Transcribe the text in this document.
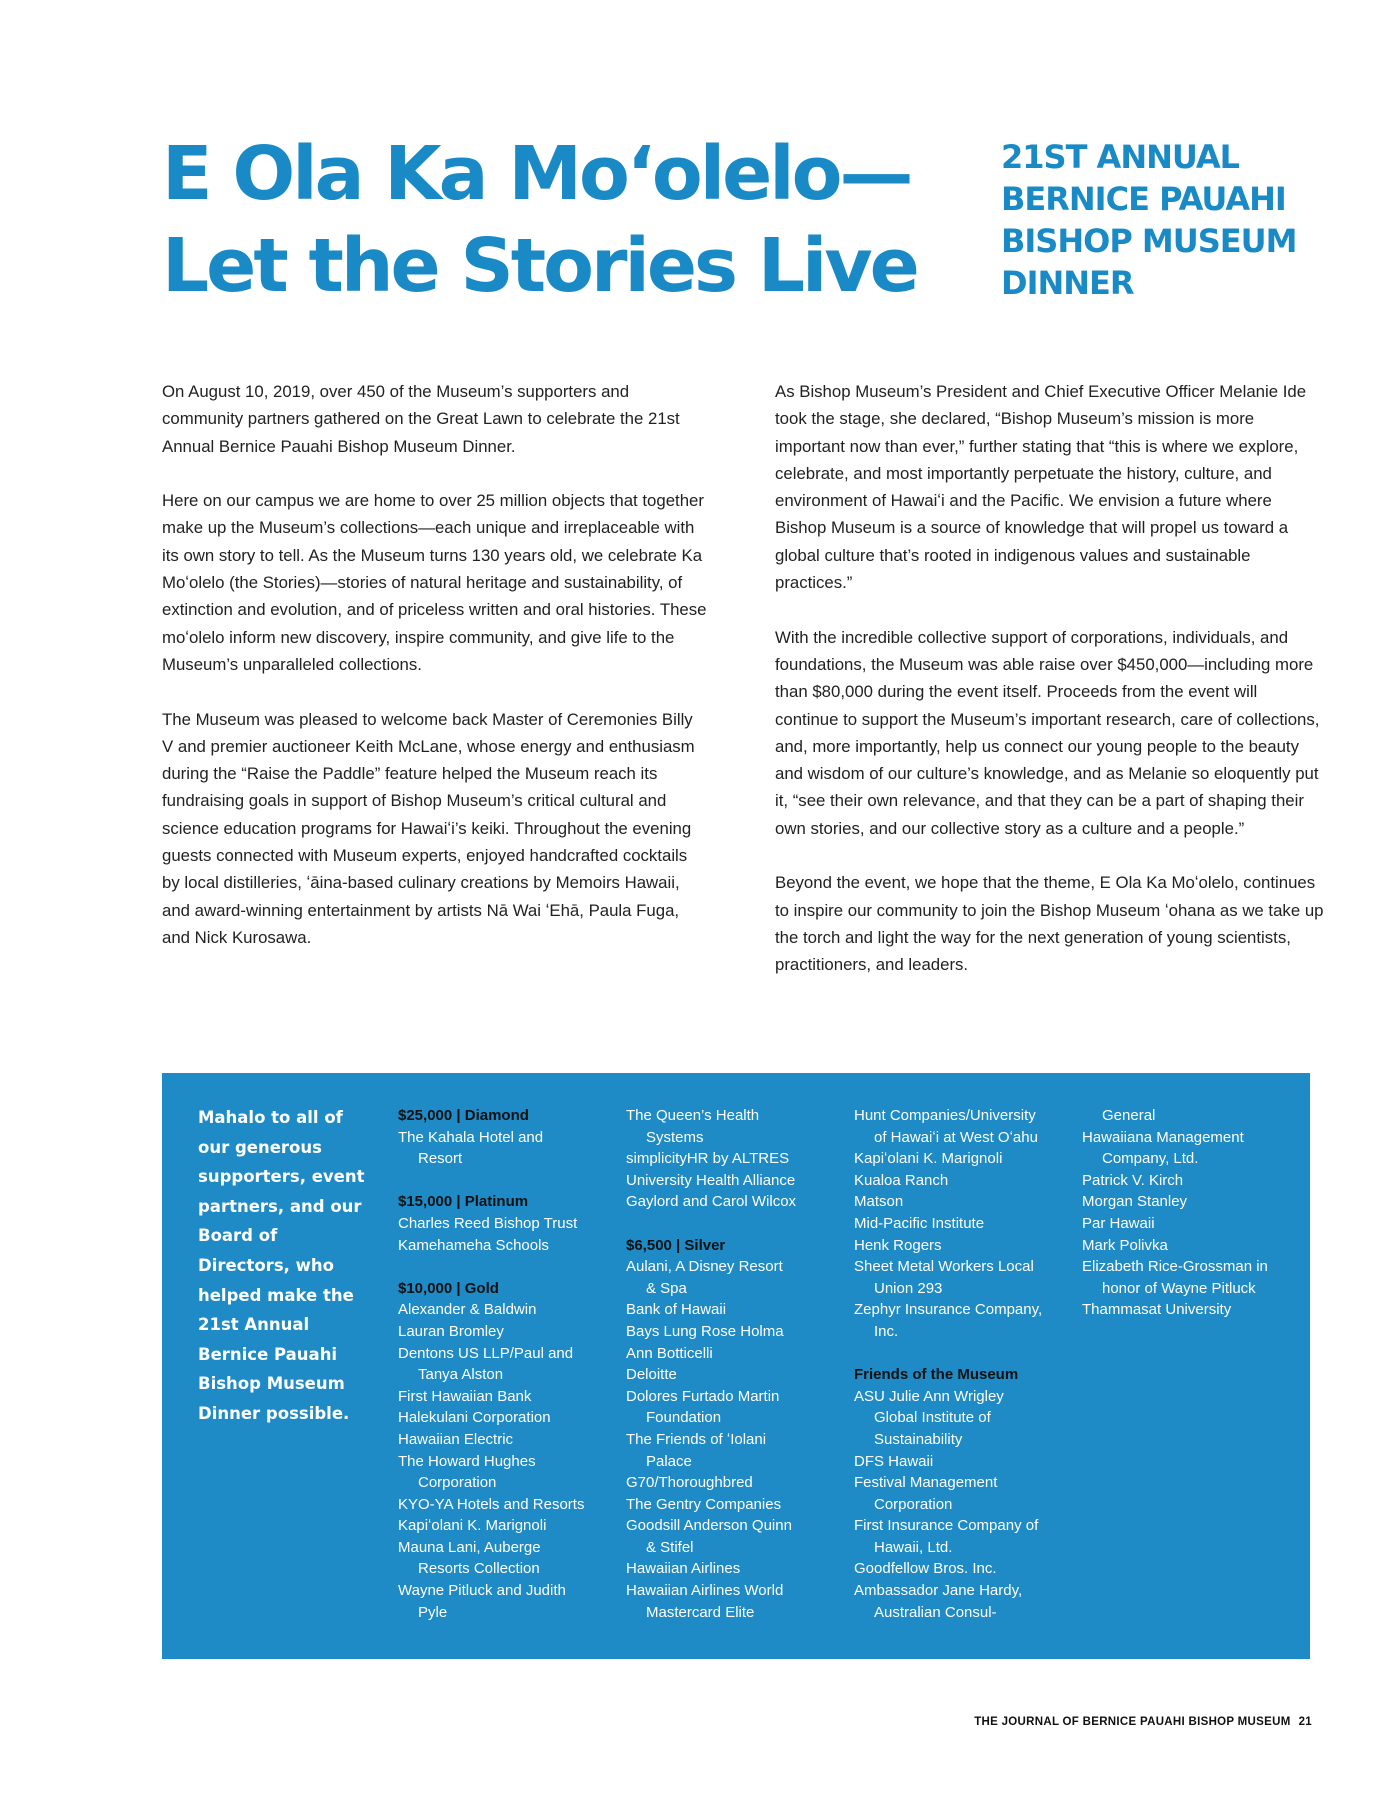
E Ola Ka Moʻolelo—
Let the Stories Live
21ST ANNUAL
BERNICE PAUAHI
BISHOP MUSEUM
DINNER

On August 10, 2019, over 450 of the Museum’s supporters and community partners gathered on the Great Lawn to celebrate the 21st Annual Bernice Pauahi Bishop Museum Dinner.

Here on our campus we are home to over 25 million objects that together make up the Museum’s collections—each unique and irreplaceable with its own story to tell. As the Museum turns 130 years old, we celebrate Ka Moʻolelo (the Stories)—stories of natural heritage and sustainability, of extinction and evolution, and of priceless written and oral histories. These moʻolelo inform new discovery, inspire community, and give life to the Museum’s unparalleled collections.

The Museum was pleased to welcome back Master of Ceremonies Billy V and premier auctioneer Keith McLane, whose energy and enthusiasm during the “Raise the Paddle” feature helped the Museum reach its fundraising goals in support of Bishop Museum’s critical cultural and science education programs for Hawaiʻi’s keiki. Throughout the evening guests connected with Museum experts, enjoyed handcrafted cocktails by local distilleries, ʻāina-based culinary creations by Memoirs Hawaii, and award-winning entertainment by artists Nā Wai ʻEhā, Paula Fuga, and Nick Kurosawa.

As Bishop Museum’s President and Chief Executive Officer Melanie Ide took the stage, she declared, “Bishop Museum’s mission is more important now than ever,” further stating that “this is where we explore, celebrate, and most importantly perpetuate the history, culture, and environment of Hawaiʻi and the Pacific. We envision a future where Bishop Museum is a source of knowledge that will propel us toward a global culture that’s rooted in indigenous values and sustainable practices.”

With the incredible collective support of corporations, individuals, and foundations, the Museum was able raise over $450,000—including more than $80,000 during the event itself. Proceeds from the event will continue to support the Museum’s important research, care of collections, and, more importantly, help us connect our young people to the beauty and wisdom of our culture’s knowledge, and as Melanie so eloquently put it, “see their own relevance, and that they can be a part of shaping their own stories, and our collective story as a culture and a people.”

Beyond the event, we hope that the theme, E Ola Ka Moʻolelo, continues to inspire our community to join the Bishop Museum ʻohana as we take up the torch and light the way for the next generation of young scientists, practitioners, and leaders.

Mahalo to all of our generous supporters, event partners, and our Board of Directors, who helped make the 21st Annual Bernice Pauahi Bishop Museum Dinner possible.
$25,000 | Diamond
The Kahala Hotel and
Resort
$15,000 | Platinum
Charles Reed Bishop Trust
Kamehameha Schools
$10,000 | Gold
Alexander & Baldwin
Lauran Bromley
Dentons US LLP/Paul and
Tanya Alston
First Hawaiian Bank
Halekulani Corporation
Hawaiian Electric
The Howard Hughes
Corporation
KYO-YA Hotels and Resorts
Kapiʻolani K. Marignoli
Mauna Lani, Auberge
Resorts Collection
Wayne Pitluck and Judith
Pyle
The Queen’s Health
Systems
simplicityHR by ALTRES
University Health Alliance
Gaylord and Carol Wilcox
$6,500 | Silver
Aulani, A Disney Resort
& Spa
Bank of Hawaii
Bays Lung Rose Holma
Ann Botticelli
Deloitte
Dolores Furtado Martin
Foundation
The Friends of ʻIolani
Palace
G70/Thoroughbred
The Gentry Companies
Goodsill Anderson Quinn
& Stifel
Hawaiian Airlines
Hawaiian Airlines World
Mastercard Elite
Hunt Companies/University
of Hawaiʻi at West Oʻahu
Kapiʻolani K. Marignoli
Kualoa Ranch
Matson
Mid-Pacific Institute
Henk Rogers
Sheet Metal Workers Local
Union 293
Zephyr Insurance Company,
Inc.
Friends of the Museum
ASU Julie Ann Wrigley
Global Institute of
Sustainability
DFS Hawaii
Festival Management
Corporation
First Insurance Company of
Hawaii, Ltd.
Goodfellow Bros. Inc.
Ambassador Jane Hardy,
Australian Consul-
General
Hawaiiana Management
Company, Ltd.
Patrick V. Kirch
Morgan Stanley
Par Hawaii
Mark Polivka
Elizabeth Rice-Grossman in
honor of Wayne Pitluck
Thammasat University
THE JOURNAL OF BERNICE PAUAHI BISHOP MUSEUM 21
